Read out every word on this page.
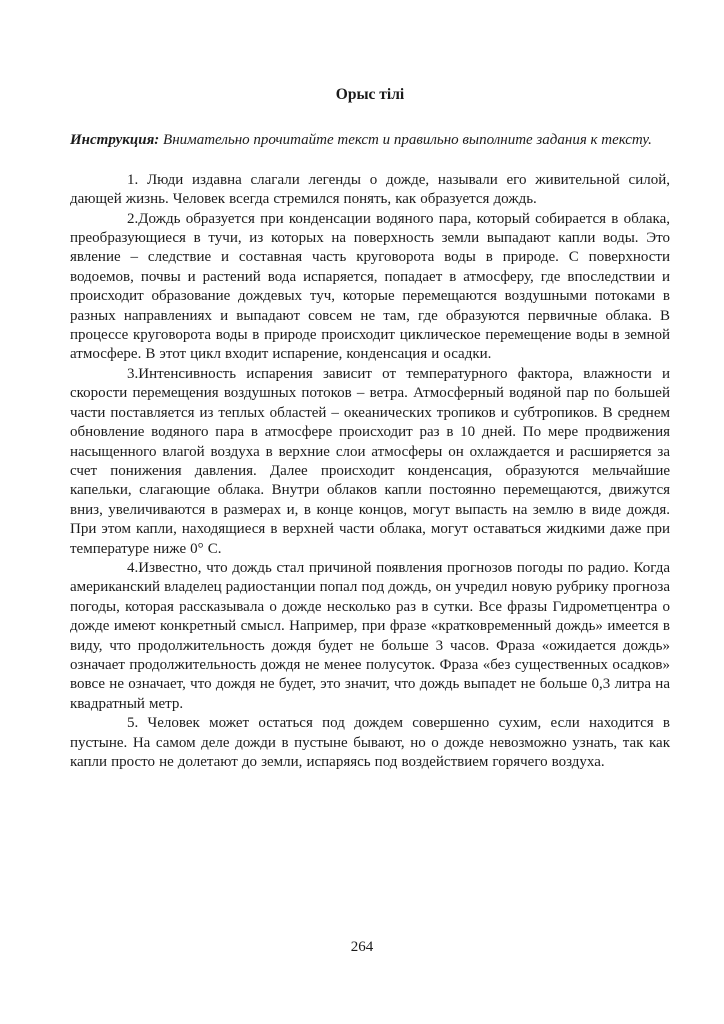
Орыс тілі

Инструкция: Внимательно прочитайте текст и правильно выполните задания к тексту.

1. Люди издавна слагали легенды о дожде, называли его живительной силой, дающей жизнь. Человек всегда стремился понять, как образуется дождь.

2.Дождь образуется при конденсации водяного пара, который собирается в облака, преобразующиеся в тучи, из которых на поверхность земли выпадают капли воды. Это явление – следствие и составная часть круговорота воды в природе. С поверхности водоемов, почвы и растений вода испаряется, попадает в атмосферу, где впоследствии и происходит образование дождевых туч, которые перемещаются воздушными потоками в разных направлениях и выпадают совсем не там, где образуются первичные облака. В процессе круговорота воды в природе происходит циклическое перемещение воды в земной атмосфере. В этот цикл входит испарение, конденсация и осадки.

3.Интенсивность испарения зависит от температурного фактора, влажности и скорости перемещения воздушных потоков – ветра. Атмосферный водяной пар по большей части поставляется из теплых областей – океанических тропиков и субтропиков. В среднем обновление водяного пара в атмосфере происходит раз в 10 дней. По мере продвижения насыщенного влагой воздуха в верхние слои атмосферы он охлаждается и расширяется за счет понижения давления. Далее происходит конденсация, образуются мельчайшие капельки, слагающие облака. Внутри облаков капли постоянно перемещаются, движутся вниз, увеличиваются в размерах и, в конце концов, могут выпасть на землю в виде дождя. При этом капли, находящиеся в верхней части облака, могут оставаться жидкими даже при температуре ниже 0° С.

4.Известно, что дождь стал причиной появления прогнозов погоды по радио. Когда американский владелец радиостанции попал под дождь, он учредил новую рубрику прогноза погоды, которая рассказывала о дожде несколько раз в сутки. Все фразы Гидрометцентра о дожде имеют конкретный смысл. Например, при фразе «кратковременный дождь» имеется в виду, что продолжительность дождя будет не больше 3 часов. Фраза «ожидается дождь» означает продолжительность дождя не менее полусуток. Фраза «без существенных осадков» вовсе не означает, что дождя не будет, это значит, что дождь выпадет не больше 0,3 литра на квадратный метр.

5. Человек может остаться под дождем совершенно сухим, если находится в пустыне. На самом деле дожди в пустыне бывают, но о дожде невозможно узнать, так как капли просто не долетают до земли, испаряясь под воздействием горячего воздуха.

264
